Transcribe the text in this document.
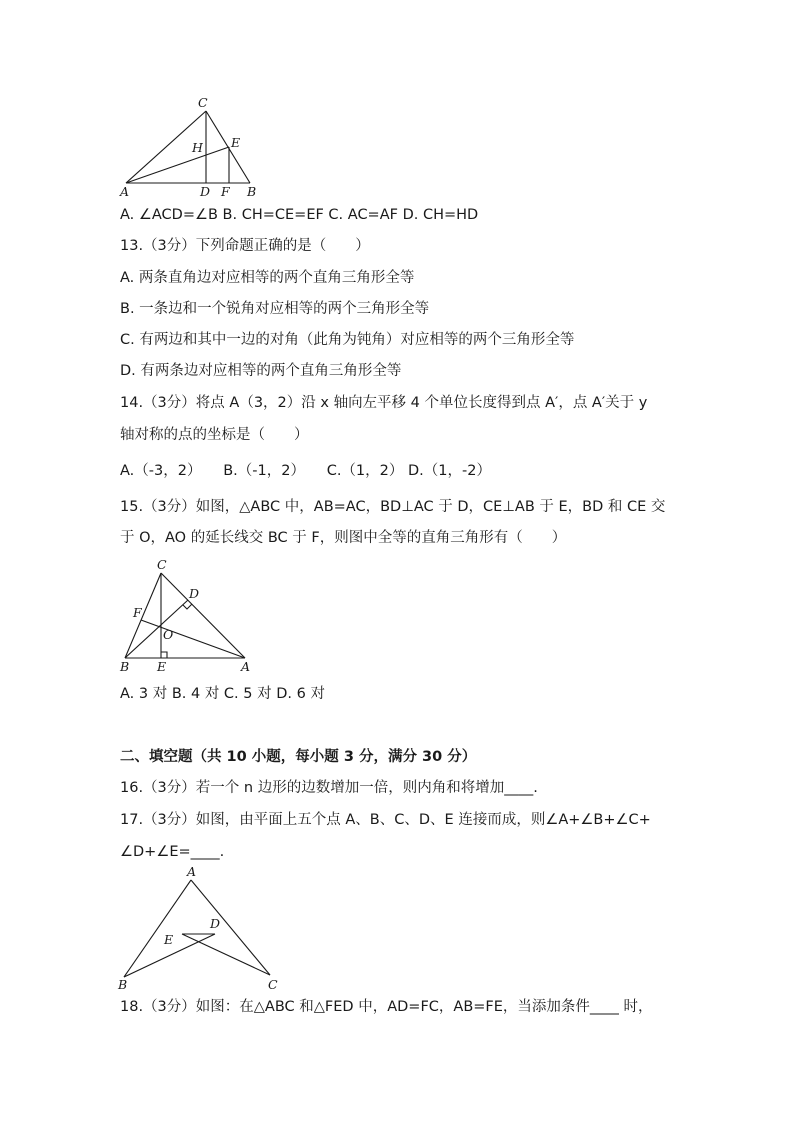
C
H E
A	D F B
A. ∠ACD=∠B B. CH=CE=EF C. AC=AF D. CH=HD
13.（3分）下列命题正确的是（　　）
A. 两条直角边对应相等的两个直角三角形全等
B. 一条边和一个锐角对应相等的两个三角形全等
C. 有两边和其中一边的对角（此角为钝角）对应相等的两个三角形全等
D. 有两条边对应相等的两个直角三角形全等
14.（3分）将点 A（3，2）沿 x 轴向左平移 4 个单位长度得到点 A′，点 A′关于 y
轴对称的点的坐标是（　　）
A.（-3，2）　　B.（-1，2）　　C.（1，2） D.（1，-2）
15.（3分）如图，△ABC 中，AB=AC，BD⊥AC 于 D，CE⊥AB 于 E，BD 和 CE 交
于 O，AO 的延长线交 BC 于 F，则图中全等的直角三角形有（　　）
C
D
F
O
B E	A
A. 3 对 B. 4 对 C. 5 对 D. 6 对
二、填空题（共 10 小题，每小题 3 分，满分 30 分）
16.（3分）若一个 n 边形的边数增加一倍，则内角和将增加____.
17.（3分）如图，由平面上五个点 A、B、C、D、E 连接而成，则∠A+∠B+∠C+
∠D+∠E=____.
A
D
E
B	C
18.（3分）如图：在△ABC 和△FED 中，AD=FC，AB=FE，当添加条件____ 时，
